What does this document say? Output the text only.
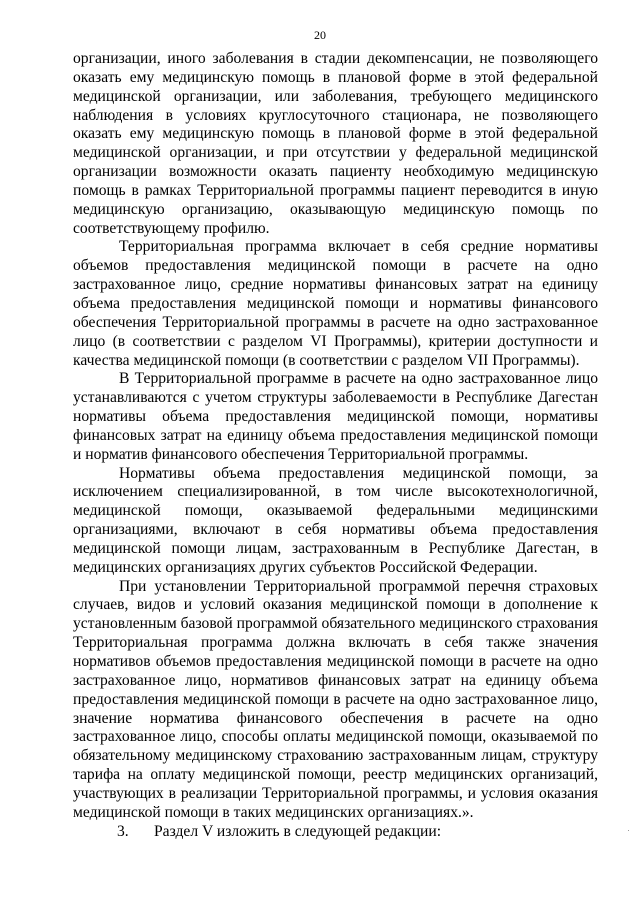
20

организации, иного заболевания в стадии декомпенсации, не позволяющего оказать ему медицинскую помощь в плановой форме в этой федеральной медицинской организации, или заболевания, требующего медицинского наблюдения в условиях круглосуточного стационара, не позволяющего оказать ему медицинскую помощь в плановой форме в этой федеральной медицинской организации, и при отсутствии у федеральной медицинской организации возможности оказать пациенту необходимую медицинскую помощь в рамках Территориальной программы пациент переводится в иную медицинскую организацию, оказывающую медицинскую помощь по соответствующему профилю.

Территориальная программа включает в себя средние нормативы объемов предоставления медицинской помощи в расчете на одно застрахованное лицо, средние нормативы финансовых затрат на единицу объема предоставления медицинской помощи и нормативы финансового обеспечения Территориальной программы в расчете на одно застрахованное лицо (в соответствии с разделом VI Программы), критерии доступности и качества медицинской помощи (в соответствии с разделом VII Программы).

В Территориальной программе в расчете на одно застрахованное лицо устанавливаются с учетом структуры заболеваемости в Республике Дагестан нормативы объема предоставления медицинской помощи, нормативы финансовых затрат на единицу объема предоставления медицинской помощи и норматив финансового обеспечения Территориальной программы.

Нормативы объема предоставления медицинской помощи, за исключением специализированной, в том числе высокотехнологичной, медицинской помощи, оказываемой федеральными медицинскими организациями, включают в себя нормативы объема предоставления медицинской помощи лицам, застрахованным в Республике Дагестан, в медицинских организациях других субъектов Российской Федерации.

При установлении Территориальной программой перечня страховых случаев, видов и условий оказания медицинской помощи в дополнение к установленным базовой программой обязательного медицинского страхования Территориальная программа должна включать в себя также значения нормативов объемов предоставления медицинской помощи в расчете на одно застрахованное лицо, нормативов финансовых затрат на единицу объема предоставления медицинской помощи в расчете на одно застрахованное лицо, значение норматива финансового обеспечения в расчете на одно застрахованное лицо, способы оплаты медицинской помощи, оказываемой по обязательному медицинскому страхованию застрахованным лицам, структуру тарифа на оплату медицинской помощи, реестр медицинских организаций, участвующих в реализации Территориальной программы, и условия оказания медицинской помощи в таких медицинских организациях.».

3. Раздел V изложить в следующей редакции:
